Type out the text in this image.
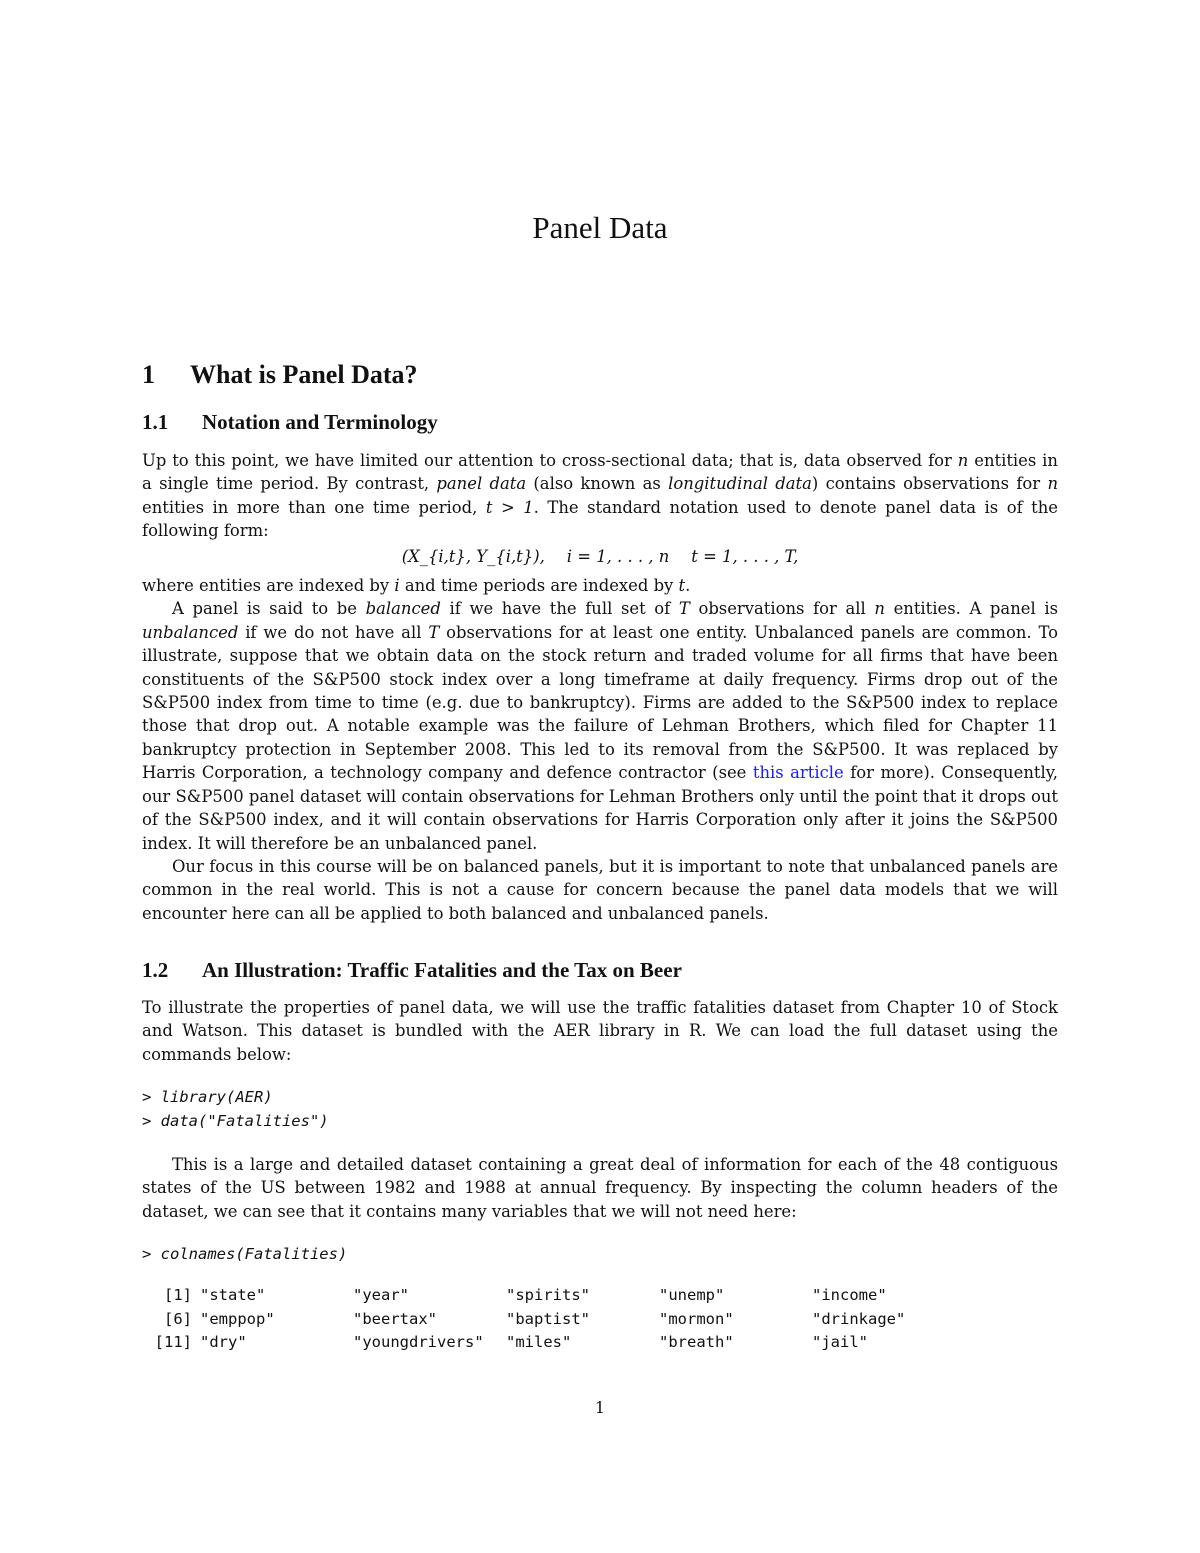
Panel Data
1 What is Panel Data?
1.1 Notation and Terminology

Up to this point, we have limited our attention to cross-sectional data; that is, data observed for n entities in a single time period. By contrast, panel data (also known as longitudinal data) contains observations for n entities in more than one time period, t > 1. The standard notation used to denote panel data is of the following form:

(X_{i,t}, Y_{i,t}), i = 1, . . . , n t = 1, . . . , T,

where entities are indexed by i and time periods are indexed by t.

A panel is said to be balanced if we have the full set of T observations for all n entities. A panel is unbalanced if we do not have all T observations for at least one entity. Unbalanced panels are common. To illustrate, suppose that we obtain data on the stock return and traded volume for all firms that have been constituents of the S&P500 stock index over a long timeframe at daily frequency. Firms drop out of the S&P500 index from time to time (e.g. due to bankruptcy). Firms are added to the S&P500 index to replace those that drop out. A notable example was the failure of Lehman Brothers, which filed for Chapter 11 bankruptcy protection in September 2008. This led to its removal from the S&P500. It was replaced by Harris Corporation, a technology company and defence contractor (see this article for more). Consequently, our S&P500 panel dataset will contain observations for Lehman Brothers only until the point that it drops out of the S&P500 index, and it will contain observations for Harris Corporation only after it joins the S&P500 index. It will therefore be an unbalanced panel.

Our focus in this course will be on balanced panels, but it is important to note that unbalanced panels are common in the real world. This is not a cause for concern because the panel data models that we will encounter here can all be applied to both balanced and unbalanced panels.

1.2 An Illustration: Traffic Fatalities and the Tax on Beer
To illustrate the properties of panel data, we will use the traffic fatalities dataset from Chapter 10 of Stock and Watson. This dataset is bundled with the AER library in R. We can load the full dataset using the commands below:
> library(AER)
> data("Fatalities")
This is a large and detailed dataset containing a great deal of information for each of the 48 contiguous states of the US between 1982 and 1988 at annual frequency. By inspecting the column headers of the dataset, we can see that it contains many variables that we will not need here:
> colnames(Fatalities)
[1]	"state"	"year"	"spirits"	"unemp"	"income"
[6]	"emppop"	"beertax"	"baptist"	"mormon"	"drinkage"
[11]	"dry"	"youngdrivers"	"miles"	"breath"	"jail"
1
